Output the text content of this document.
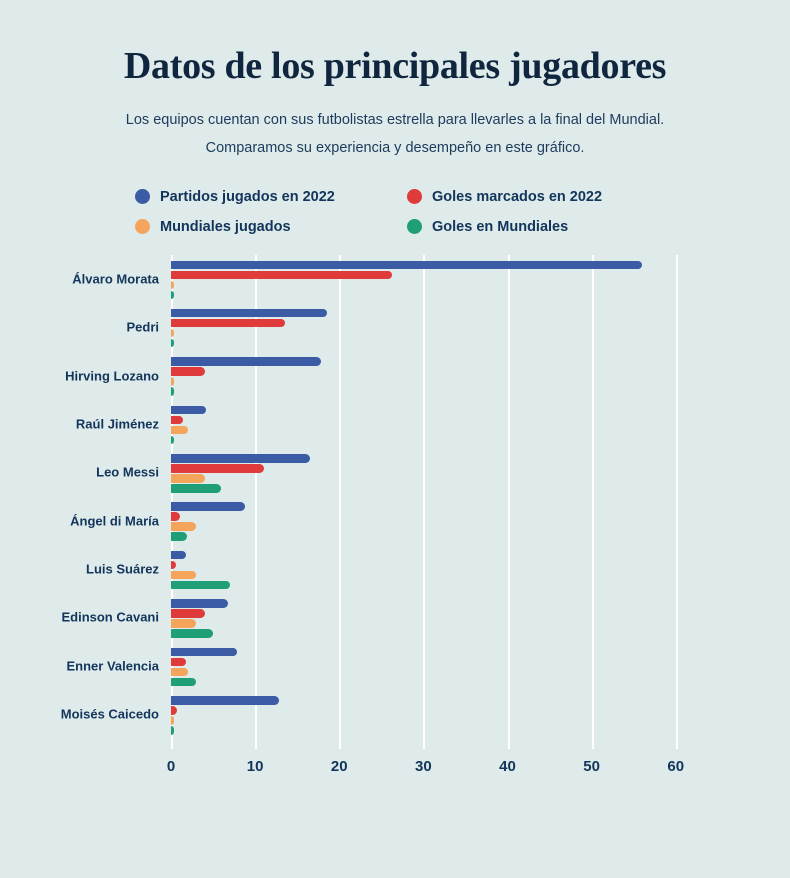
Datos de los principales jugadores

Los equipos cuentan con sus futbolistas estrella para llevarles a la final del Mundial. Comparamos su experiencia y desempeño en este gráfico.

Partidos jugados en 2022	Goles marcados en 2022
Mundiales jugados	Goles en Mundiales
Álvaro Morata
Pedri
Hirving Lozano
Raúl Jiménez
Leo Messi
Ángel di María
Luis Suárez
Edinson Cavani
Enner Valencia
Moisés Caicedo
0	10	20	30	40	50	60
